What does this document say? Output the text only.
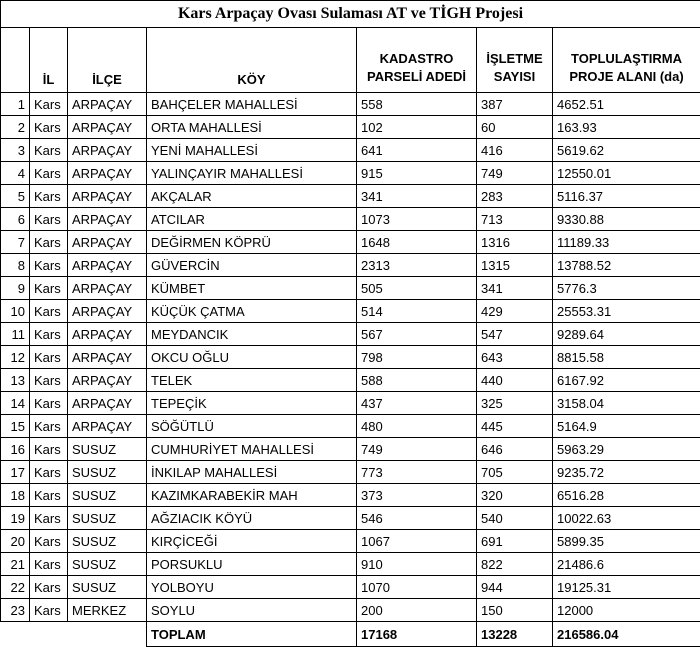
Kars Arpaçay Ovası Sulaması AT ve TİGH Projesi						
	İL	İLÇE	KÖY	KADASTRO PARSELİ ADEDİ	İŞLETME SAYISI	TOPLULAŞTIRMA PROJE ALANI (da)
1	Kars	ARPAÇAY	BAHÇELER MAHALLESİ	558	387	4652.51
2	Kars	ARPAÇAY	ORTA MAHALLESİ	102	60	163.93
3	Kars	ARPAÇAY	YENİ MAHALLESİ	641	416	5619.62
4	Kars	ARPAÇAY	YALINÇAYIR MAHALLESİ	915	749	12550.01
5	Kars	ARPAÇAY	AKÇALAR	341	283	5116.37
6	Kars	ARPAÇAY	ATCILAR	1073	713	9330.88
7	Kars	ARPAÇAY	DEĞİRMEN KÖPRÜ	1648	1316	11189.33
8	Kars	ARPAÇAY	GÜVERCİN	2313	1315	13788.52
9	Kars	ARPAÇAY	KÜMBET	505	341	5776.3
10	Kars	ARPAÇAY	KÜÇÜK ÇATMA	514	429	25553.31
11	Kars	ARPAÇAY	MEYDANCIK	567	547	9289.64
12	Kars	ARPAÇAY	OKCU OĞLU	798	643	8815.58
13	Kars	ARPAÇAY	TELEK	588	440	6167.92
14	Kars	ARPAÇAY	TEPEÇİK	437	325	3158.04
15	Kars	ARPAÇAY	SÖĞÜTLÜ	480	445	5164.9
16	Kars	SUSUZ	CUMHURİYET MAHALLESİ	749	646	5963.29
17	Kars	SUSUZ	İNKILAP MAHALLESİ	773	705	9235.72
18	Kars	SUSUZ	KAZIMKARABEKİR MAH	373	320	6516.28
19	Kars	SUSUZ	AĞZIACIK KÖYÜ	546	540	10022.63
20	Kars	SUSUZ	KIRÇİCEĞİ	1067	691	5899.35
21	Kars	SUSUZ	PORSUKLU	910	822	21486.6
22	Kars	SUSUZ	YOLBOYU	1070	944	19125.31
23	Kars	MERKEZ	SOYLU	200	150	12000
			TOPLAM	17168	13228	216586.04
